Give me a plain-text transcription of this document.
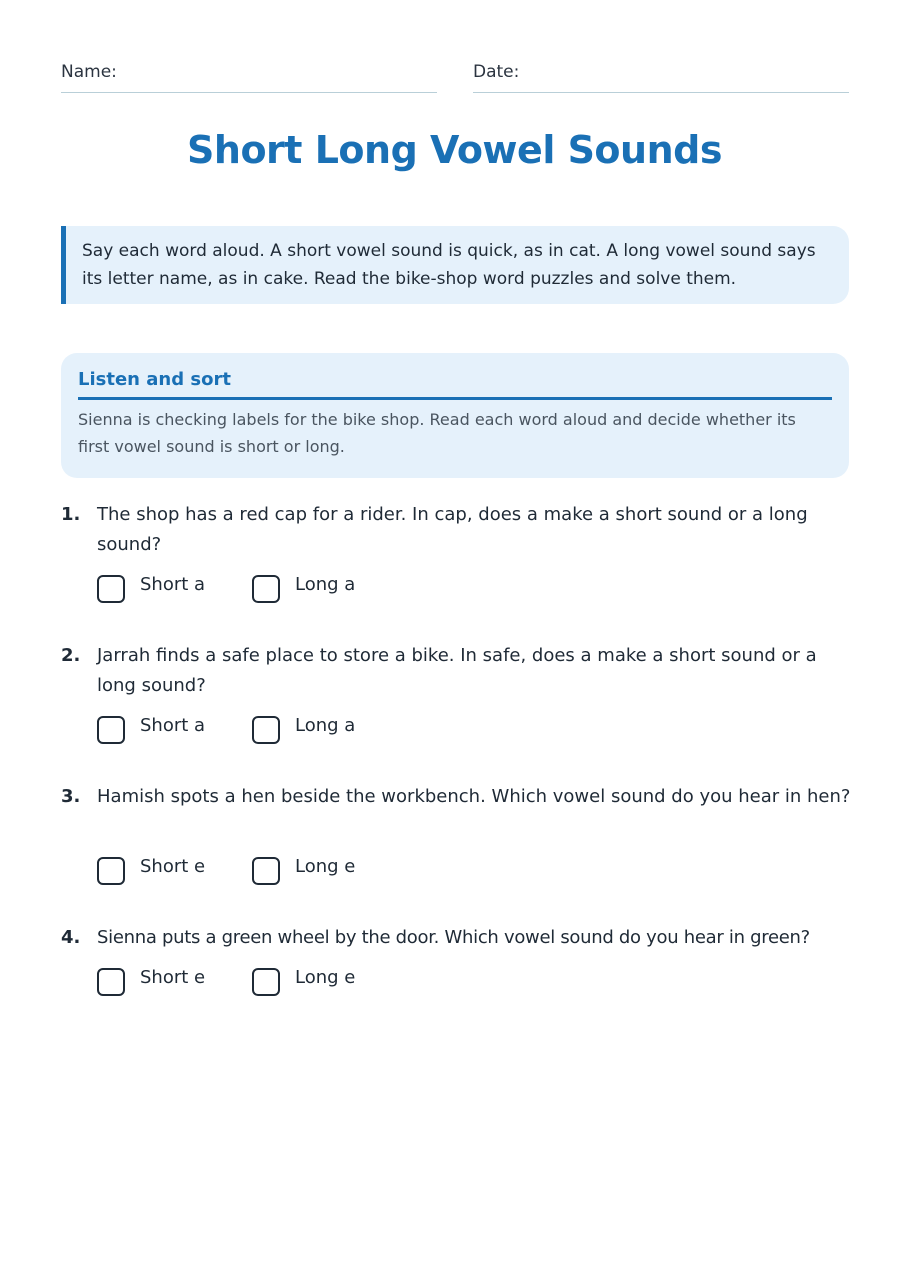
Name:	Date:
Short Long Vowel Sounds
Say each word aloud. A short vowel sound is quick, as in cat. A long vowel sound says its letter name, as in cake. Read the bike-shop word puzzles and solve them.
Listen and sort

Sienna is checking labels for the bike shop. Read each word aloud and decide whether its first vowel sound is short or long.

1. The shop has a red cap for a rider. In cap, does a make a short sound or a long sound?
Short a	Long a
2. Jarrah finds a safe place to store a bike. In safe, does a make a short sound or a long sound?
Short a	Long a
3. Hamish spots a hen beside the workbench. Which vowel sound do you hear in hen?
Short e	Long e
4. Sienna puts a green wheel by the door. Which vowel sound do you hear in green?
Short e	Long e
